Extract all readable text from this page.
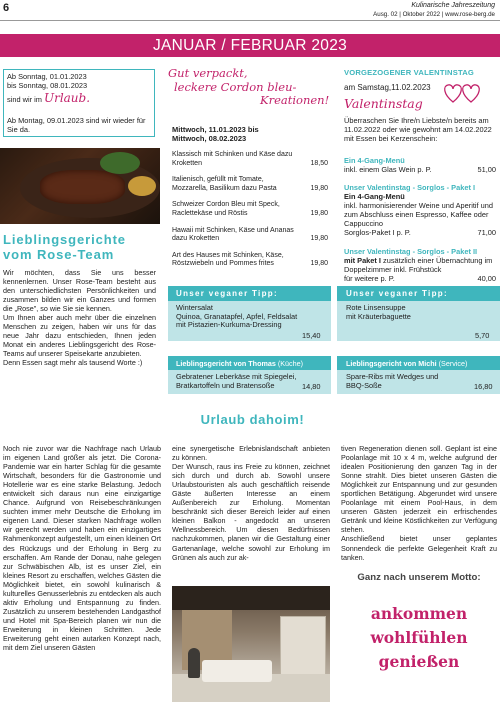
6	Kulinarische Jahreszeitung
Ausg. 02 | Oktober 2022 | www.rose-berg.de
JANUAR / FEBRUAR 2023
Ab Sonntag, 01.01.2023
bis Sonntag, 08.01.2023
sind wir im Urlaub.
Ab Montag, 09.01.2023 sind wir wieder für Sie da.
Lieblingsgerichte
vom Rose-Team
Wir möchten, dass Sie uns besser kennenlernen. Unser Rose-Team besteht aus den unterschiedlichsten Persönlichkeiten und zusammen bilden wir ein Ganzes und formen die „Rose", so wie Sie sie kennen.
Um Ihnen aber auch mehr über die einzelnen Menschen zu zeigen, haben wir uns für das neue Jahr dazu entschieden, Ihnen jeden Monat ein anderes Lieblingsgericht des Rose-Teams auf unserer Speisekarte anzubieten.
Denn Essen sagt mehr als tausend Worte :)
Gut verpackt,
leckere Cordon bleu-
Kreationen!
Mittwoch, 11.01.2023 bis
Mittwoch, 08.02.2023
Klassisch mit Schinken und Käse dazu Kroketten	18,50
Italienisch, gefüllt mit Tomate, Mozzarella, Basilikum dazu Pasta	19,80
Schweizer Cordon Bleu mit Speck, Raclettekäse und Röstis	19,80
Hawaii mit Schinken, Käse und Ananas dazu Kroketten	19,80
Art des Hauses mit Schinken, Käse, Röstzwiebeln und Pommes frites	19,80
Unser veganer Tipp:
Wintersalat
Quinoa, Granatapfel, Apfel, Feldsalat
mit Pistazien-Kurkuma-Dressing
15,40
Lieblingsgericht von Thomas (Küche)
Gebratener Leberkäse mit Spiegelei,
Bratkartoffeln und Bratensoße	14,80
VORGEZOGENER VALENTINSTAG
am Samstag,11.02.2023
Valentinstag
Überraschen Sie Ihre/n Liebste/n bereits am 11.02.2022 oder wie gewohnt am 14.02.2022 mit Essen bei Kerzenschein:
Ein 4-Gang-Menü
inkl. einem Glas Wein p. P.	51,00
Unser Valentinstag - Sorglos - Paket I
Ein 4-Gang-Menü
inkl. harmonisierender Weine und Aperitif und zum Abschluss einen Espresso, Kaffee oder Cappuccino
Sorglos-Paket I p. P.	71,00
Unser Valentinstag - Sorglos - Paket II
mit Paket I zusätzlich einer Übernachtung im Doppelzimmer inkl. Frühstück
für weitere p. P.	40,00
Unser veganer Tipp:
Rote Linsensuppe
mit Kräuterbaguette
5,70
Lieblingsgericht von Michi (Service)
Spare-Ribs mit Wedges und
BBQ-Soße	16,80
Urlaub dahoim!
Noch nie zuvor war die Nachfrage nach Urlaub im eigenen Land größer als jetzt. Die Corona-Pandemie war ein harter Schlag für die gesamte Wirtschaft, besonders für die Gastronomie und Hotellerie war es eine starke Belastung. Jedoch entwickelt sich daraus nun eine einzigartige Chance. Aufgrund von Reisebeschränkungen suchten immer mehr Deutsche die Erholung im eigenen Land. Dieser starken Nachfrage wollen wir gerecht werden und haben ein einzigartiges Rahmenkonzept aufgestellt, um einen kleinen Ort des Rückzugs und der Erholung in Berg zu erschaffen. Am Rande der Donau, nahe gelegen zur Schwäbischen Alb, ist es unser Ziel, ein kleines Resort zu erschaffen, welches Gästen die Möglichkeit bietet, ein sowohl kulinarisch & kulturelles Genusserlebnis zu entdecken als auch aktiv Erholung und Entspannung zu finden. Zusätzlich zu unserem bestehenden Landgasthof und Hotel mit Spa-Bereich planen wir nun die Erweiterung in kleinen Schritten. Jede Erweiterung geht einen autarken Konzept nach, mit dem Ziel unseren Gästen
eine synergetische Erlebnislandschaft anbieten zu können.
Der Wunsch, raus ins Freie zu können, zeichnet sich durch und durch ab. Sowohl unsere Urlaubstouristen als auch geschäftlich reisende Gäste äußerten Interesse an einem Außenbereich zur Erholung. Momentan beschränkt sich dieser Bereich leider auf einen kleinen Balkon - angedockt an unseren Wellnessbereich. Um diesen Bedürfnissen nachzukommen, planen wir die Gestaltung einer Gartenanlage, welche sowohl zur Erholung im Grünen als auch zur ak-
tiven Regeneration dienen soll. Geplant ist eine Poolanlage mit 10 x 4 m, welche aufgrund der idealen Positionierung den ganzen Tag in der Sonne strahlt. Dies bietet unseren Gästen die Möglichkeit zur Entspannung und zur gesunden sportlichen Betätigung. Abgerundet wird unsere Poolanlage mit einem Pool-Haus, in dem unseren Gästen jederzeit ein erfrischendes Getränk und kleine Köstlichkeiten zur Verfügung stehen.
Anschließend bietet unser geplantes Sonnendeck die perfekte Gelegenheit Kraft zu tanken.
Ganz nach unserem Motto:
ankommen
wohlfühlen
genießen
